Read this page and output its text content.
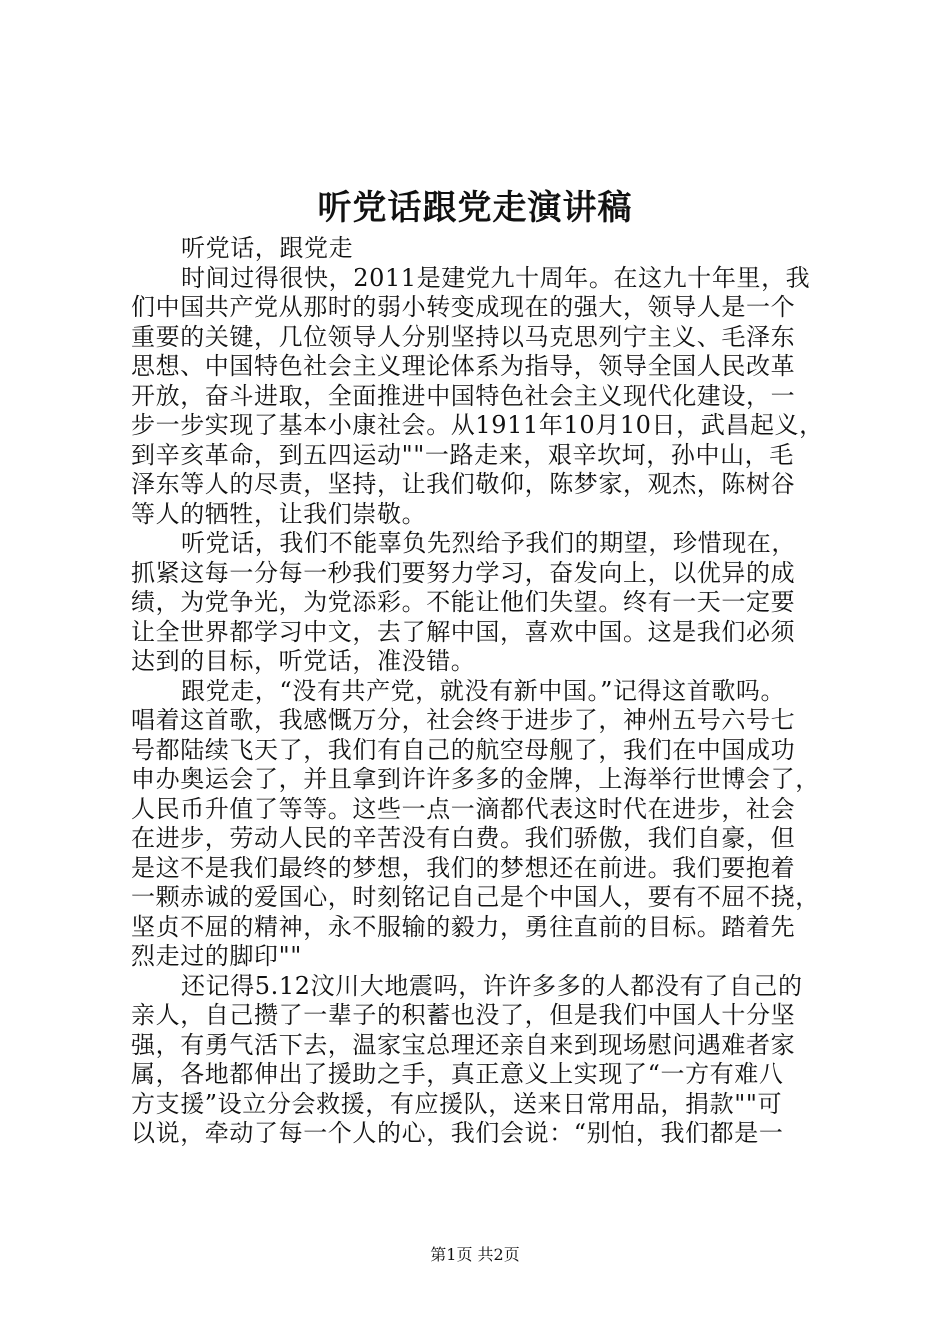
听党话跟党走演讲稿
听党话，跟党走
时间过得很快，2011是建党九十周年。在这九十年里，我
们中国共产党从那时的弱小转变成现在的强大，领导人是一个
重要的关键，几位领导人分别坚持以马克思列宁主义、毛泽东
思想、中国特色社会主义理论体系为指导，领导全国人民改革
开放，奋斗进取，全面推进中国特色社会主义现代化建设，一
步一步实现了基本小康社会。从1911年10月10日，武昌起义，
到辛亥革命，到五四运动""一路走来，艰辛坎坷，孙中山，毛
泽东等人的尽责，坚持，让我们敬仰，陈梦家，观杰，陈树谷
等人的牺牲，让我们崇敬。
听党话，我们不能辜负先烈给予我们的期望，珍惜现在，
抓紧这每一分每一秒我们要努力学习，奋发向上，以优异的成
绩，为党争光，为党添彩。不能让他们失望。终有一天一定要
让全世界都学习中文，去了解中国，喜欢中国。这是我们必须
达到的目标，听党话，准没错。
跟党走，“没有共产党，就没有新中国。”记得这首歌吗。
唱着这首歌，我感慨万分，社会终于进步了，神州五号六号七
号都陆续飞天了，我们有自己的航空母舰了，我们在中国成功
申办奥运会了，并且拿到许许多多的金牌，上海举行世博会了，
人民币升值了等等。这些一点一滴都代表这时代在进步，社会
在进步，劳动人民的辛苦没有白费。我们骄傲，我们自豪，但
是这不是我们最终的梦想，我们的梦想还在前进。我们要抱着
一颗赤诚的爱国心，时刻铭记自己是个中国人，要有不屈不挠，
坚贞不屈的精神，永不服输的毅力，勇往直前的目标。踏着先
烈走过的脚印""
还记得5.12汶川大地震吗，许许多多的人都没有了自己的
亲人，自己攒了一辈子的积蓄也没了，但是我们中国人十分坚
强，有勇气活下去，温家宝总理还亲自来到现场慰问遇难者家
属，各地都伸出了援助之手，真正意义上实现了“一方有难八
方支援”设立分会救援，有应援队，送来日常用品，捐款""可
以说，牵动了每一个人的心，我们会说：“别怕，我们都是一
第1页 共2页
